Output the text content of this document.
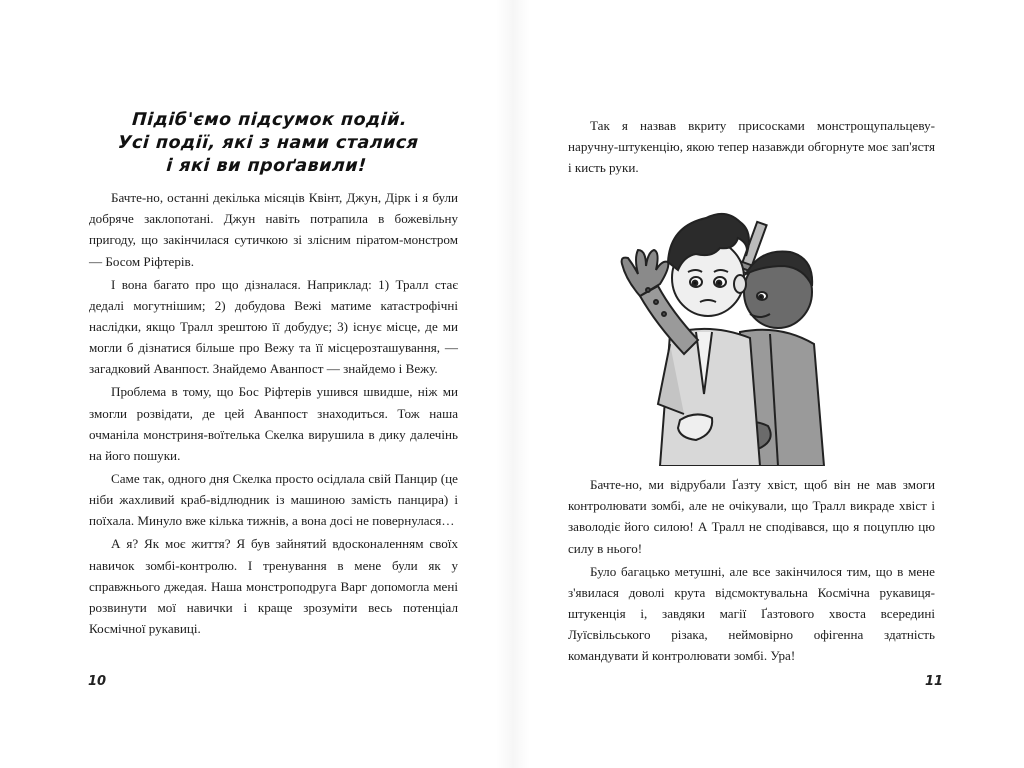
Підіб'ємо підсумок подій.
Усі події, які з нами сталися
і які ви проґавили!

Бачте-но, останні декілька місяців Квінт, Джун, Дірк і я були добряче заклопотані. Джун навіть потрапила в божевільну пригоду, що закінчилася сутичкою зі злісним піратом-монстром — Босом Ріфтерів.

І вона багато про що дізналася. Наприклад: 1) Тралл стає дедалі могутнішим; 2) добудова Вежі матиме катастрофічні наслідки, якщо Тралл зрештою її добудує; 3) існує місце, де ми могли б дізнатися більше про Вежу та її місцерозташування, — загадковий Аванпост. Знайдемо Аванпост — знайдемо і Вежу.

Проблема в тому, що Бос Ріфтерів ушився швидше, ніж ми змогли розвідати, де цей Аванпост знаходиться. Тож наша очманіла монстриня-воїтелька Скелка вирушила в дику далечінь на його пошуки.

Саме так, одного дня Скелка просто осідлала свій Панцир (це ніби жахливий краб-відлюдник із машиною замість панцира) і поїхала. Минуло вже кілька тижнів, а вона досі не повернулася…

А я? Як моє життя? Я був зайнятий вдосконаленням своїх навичок зомбі-контролю. І тренування в мене були як у справжнього джедая. Наша монстроподруга Варг допомогла мені розвинути мої навички і краще зрозуміти весь потенціал Космічної рукавиці.

10

Так я назвав вкриту присосками монстрощупальцеву-наручну-штукенцію, якою тепер назавжди обгорнуте моє зап'ястя і кисть руки.

Бачте-но, ми відрубали Ґазту хвіст, щоб він не мав змоги контролювати зомбі, але не очікували, що Тралл викраде хвіст і заволодіє його силою! А Тралл не сподівався, що я поцуплю цю силу в нього!

Було багацько метушні, але все закінчилося тим, що в мене з'явилася доволі крута відсмоктувальна Космічна рукавиця-штукенція і, завдяки магії Ґазтового хвоста всередині Луїсвільського різака, неймовірно офігенна здатність командувати й контролювати зомбі. Ура!

11
